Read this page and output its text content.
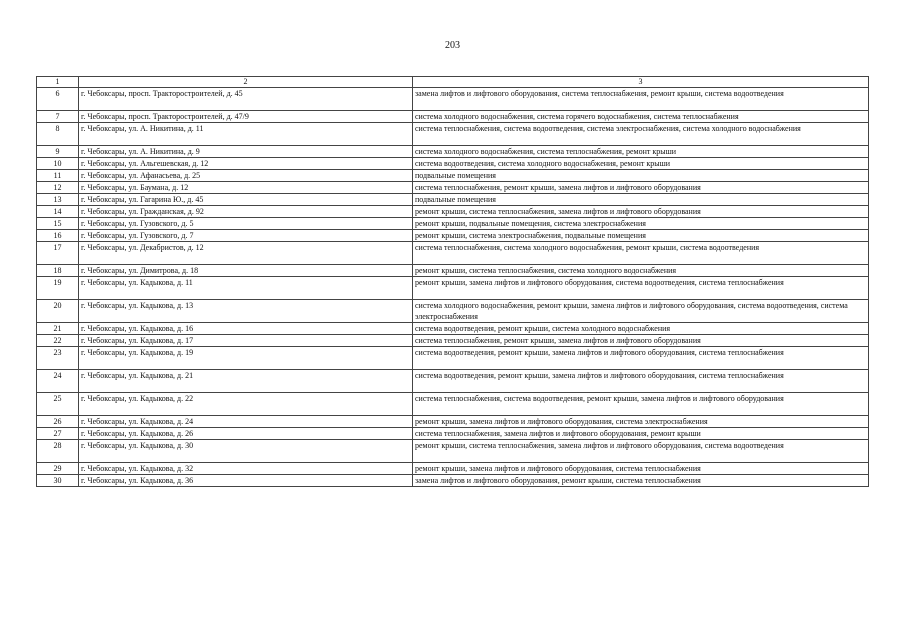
203
1	2	3
6	г. Чебоксары, просп. Тракторостроителей, д. 45	замена лифтов и лифтового оборудования, система теплоснабжения, ремонт крыши, система водоотведения
7	г. Чебоксары, просп. Тракторостроителей, д. 47/9	система холодного водоснабжения, система горячего водоснабжения, система теплоснабжения
8	г. Чебоксары, ул. А. Никитина, д. 11	система теплоснабжения, система водоотведения, система электроснабжения, система холодного водоснабжения
9	г. Чебоксары, ул. А. Никитина, д. 9	система холодного водоснабжения, система теплоснабжения, ремонт крыши
10	г. Чебоксары, ул. Альгешевская, д. 12	система водоотведения, система холодного водоснабжения, ремонт крыши
11	г. Чебоксары, ул. Афанасьева, д. 25	подвальные помещения
12	г. Чебоксары, ул. Баумана, д. 12	система теплоснабжения, ремонт крыши, замена лифтов и лифтового оборудования
13	г. Чебоксары, ул. Гагарина Ю., д. 45	подвальные помещения
14	г. Чебоксары, ул. Гражданская, д. 92	ремонт крыши, система теплоснабжения, замена лифтов и лифтового оборудования
15	г. Чебоксары, ул. Гузовского, д. 5	ремонт крыши, подвальные помещения, система электроснабжения
16	г. Чебоксары, ул. Гузовского, д. 7	ремонт крыши, система электроснабжения, подвальные помещения
17	г. Чебоксары, ул. Декабристов, д. 12	система теплоснабжения, система холодного водоснабжения, ремонт крыши, система водоотведения
18	г. Чебоксары, ул. Димитрова, д. 18	ремонт крыши, система теплоснабжения, система холодного водоснабжения
19	г. Чебоксары, ул. Кадыкова, д. 11	ремонт крыши, замена лифтов и лифтового оборудования, система водоотведения, система теплоснабжения
20	г. Чебоксары, ул. Кадыкова, д. 13	система холодного водоснабжения, ремонт крыши, замена лифтов и лифтового оборудования, система водоотведения, система электроснабжения
21	г. Чебоксары, ул. Кадыкова, д. 16	система водоотведения, ремонт крыши, система холодного водоснабжения
22	г. Чебоксары, ул. Кадыкова, д. 17	система теплоснабжения, ремонт крыши, замена лифтов и лифтового оборудования
23	г. Чебоксары, ул. Кадыкова, д. 19	система водоотведения, ремонт крыши, замена лифтов и лифтового оборудования, система теплоснабжения
24	г. Чебоксары, ул. Кадыкова, д. 21	система водоотведения, ремонт крыши, замена лифтов и лифтового оборудования, система теплоснабжения
25	г. Чебоксары, ул. Кадыкова, д. 22	система теплоснабжения, система водоотведения, ремонт крыши, замена лифтов и лифтового оборудования
26	г. Чебоксары, ул. Кадыкова, д. 24	ремонт крыши, замена лифтов и лифтового оборудования, система электроснабжения
27	г. Чебоксары, ул. Кадыкова, д. 26	система теплоснабжения, замена лифтов и лифтового оборудования, ремонт крыши
28	г. Чебоксары, ул. Кадыкова, д. 30	ремонт крыши, система теплоснабжения, замена лифтов и лифтового оборудования, система водоотведения
29	г. Чебоксары, ул. Кадыкова, д. 32	ремонт крыши, замена лифтов и лифтового оборудования, система теплоснабжения
30	г. Чебоксары, ул. Кадыкова, д. 36	замена лифтов и лифтового оборудования, ремонт крыши, система теплоснабжения
